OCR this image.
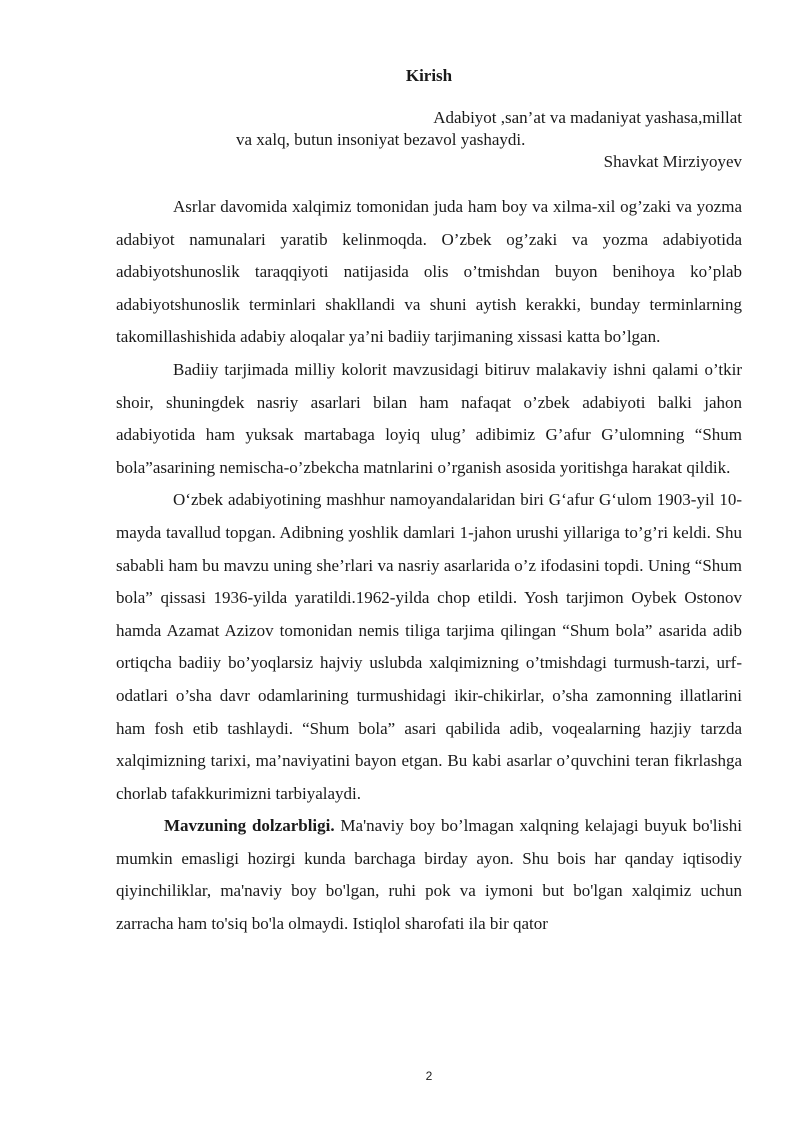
Kirish
Adabiyot ,san’at va madaniyat yashasa,millat
va xalq, butun insoniyat bezavol yashaydi.
Shavkat Mirziyoyev

Asrlar davomida xalqimiz tomonidan juda ham boy va xilma-xil og’zaki va yozma adabiyot namunalari yaratib kelinmoqda. O’zbek og’zaki va yozma adabiyotida adabiyotshunoslik taraqqiyoti natijasida olis o’tmishdan buyon benihoya ko’plab adabiyotshunoslik terminlari shakllandi va shuni aytish kerakki, bunday terminlarning takomillashishida adabiy aloqalar ya’ni badiiy tarjimaning xissasi katta bo’lgan.

Badiiy tarjimada milliy kolorit mavzusidagi bitiruv malakaviy ishni qalami o’tkir shoir, shuningdek nasriy asarlari bilan ham nafaqat o’zbek adabiyoti balki jahon adabiyotida ham yuksak martabaga loyiq ulug’ adibimiz G’afur G’ulomning “Shum bola”asarining nemischa-o’zbekcha matnlarini o’rganish asosida yoritishga harakat qildik.

O‘zbek adabiyotining mashhur namoyandalaridan biri G‘afur G‘ulom 1903-yil 10- mayda tavallud topgan. Adibning yoshlik damlari 1-jahon urushi yillariga to’g’ri keldi. Shu sababli ham bu mavzu uning she’rlari va nasriy asarlarida o’z ifodasini topdi. Uning “Shum bola” qissasi 1936-yilda yaratildi.1962-yilda chop etildi. Yosh tarjimon Oybek Ostonov hamda Azamat Azizov tomonidan nemis tiliga tarjima qilingan “Shum bola” asarida adib ortiqcha badiiy bo’yoqlarsiz hajviy uslubda xalqimizning o’tmishdagi turmush-tarzi, urf-odatlari o’sha davr odamlarining turmushidagi ikir-chikirlar, o’sha zamonning illatlarini ham fosh etib tashlaydi. “Shum bola” asari qabilida adib, voqealarning hazjiy tarzda xalqimizning tarixi, ma’naviyatini bayon etgan. Bu kabi asarlar o’quvchini teran fikrlashga chorlab tafakkurimizni tarbiyalaydi.

Mavzuning dolzarbligi. Ma'naviy boy bo’lmagan xalqning kelajagi buyuk bo'lishi mumkin emasligi hozirgi kunda barchaga birday ayon. Shu bois har qanday iqtisodiy qiyinchiliklar, ma'naviy boy bo'lgan, ruhi pok va iymoni but bo'lgan xalqimiz uchun zarracha ham to'siq bo'la olmaydi. Istiqlol sharofati ila bir qator

2
